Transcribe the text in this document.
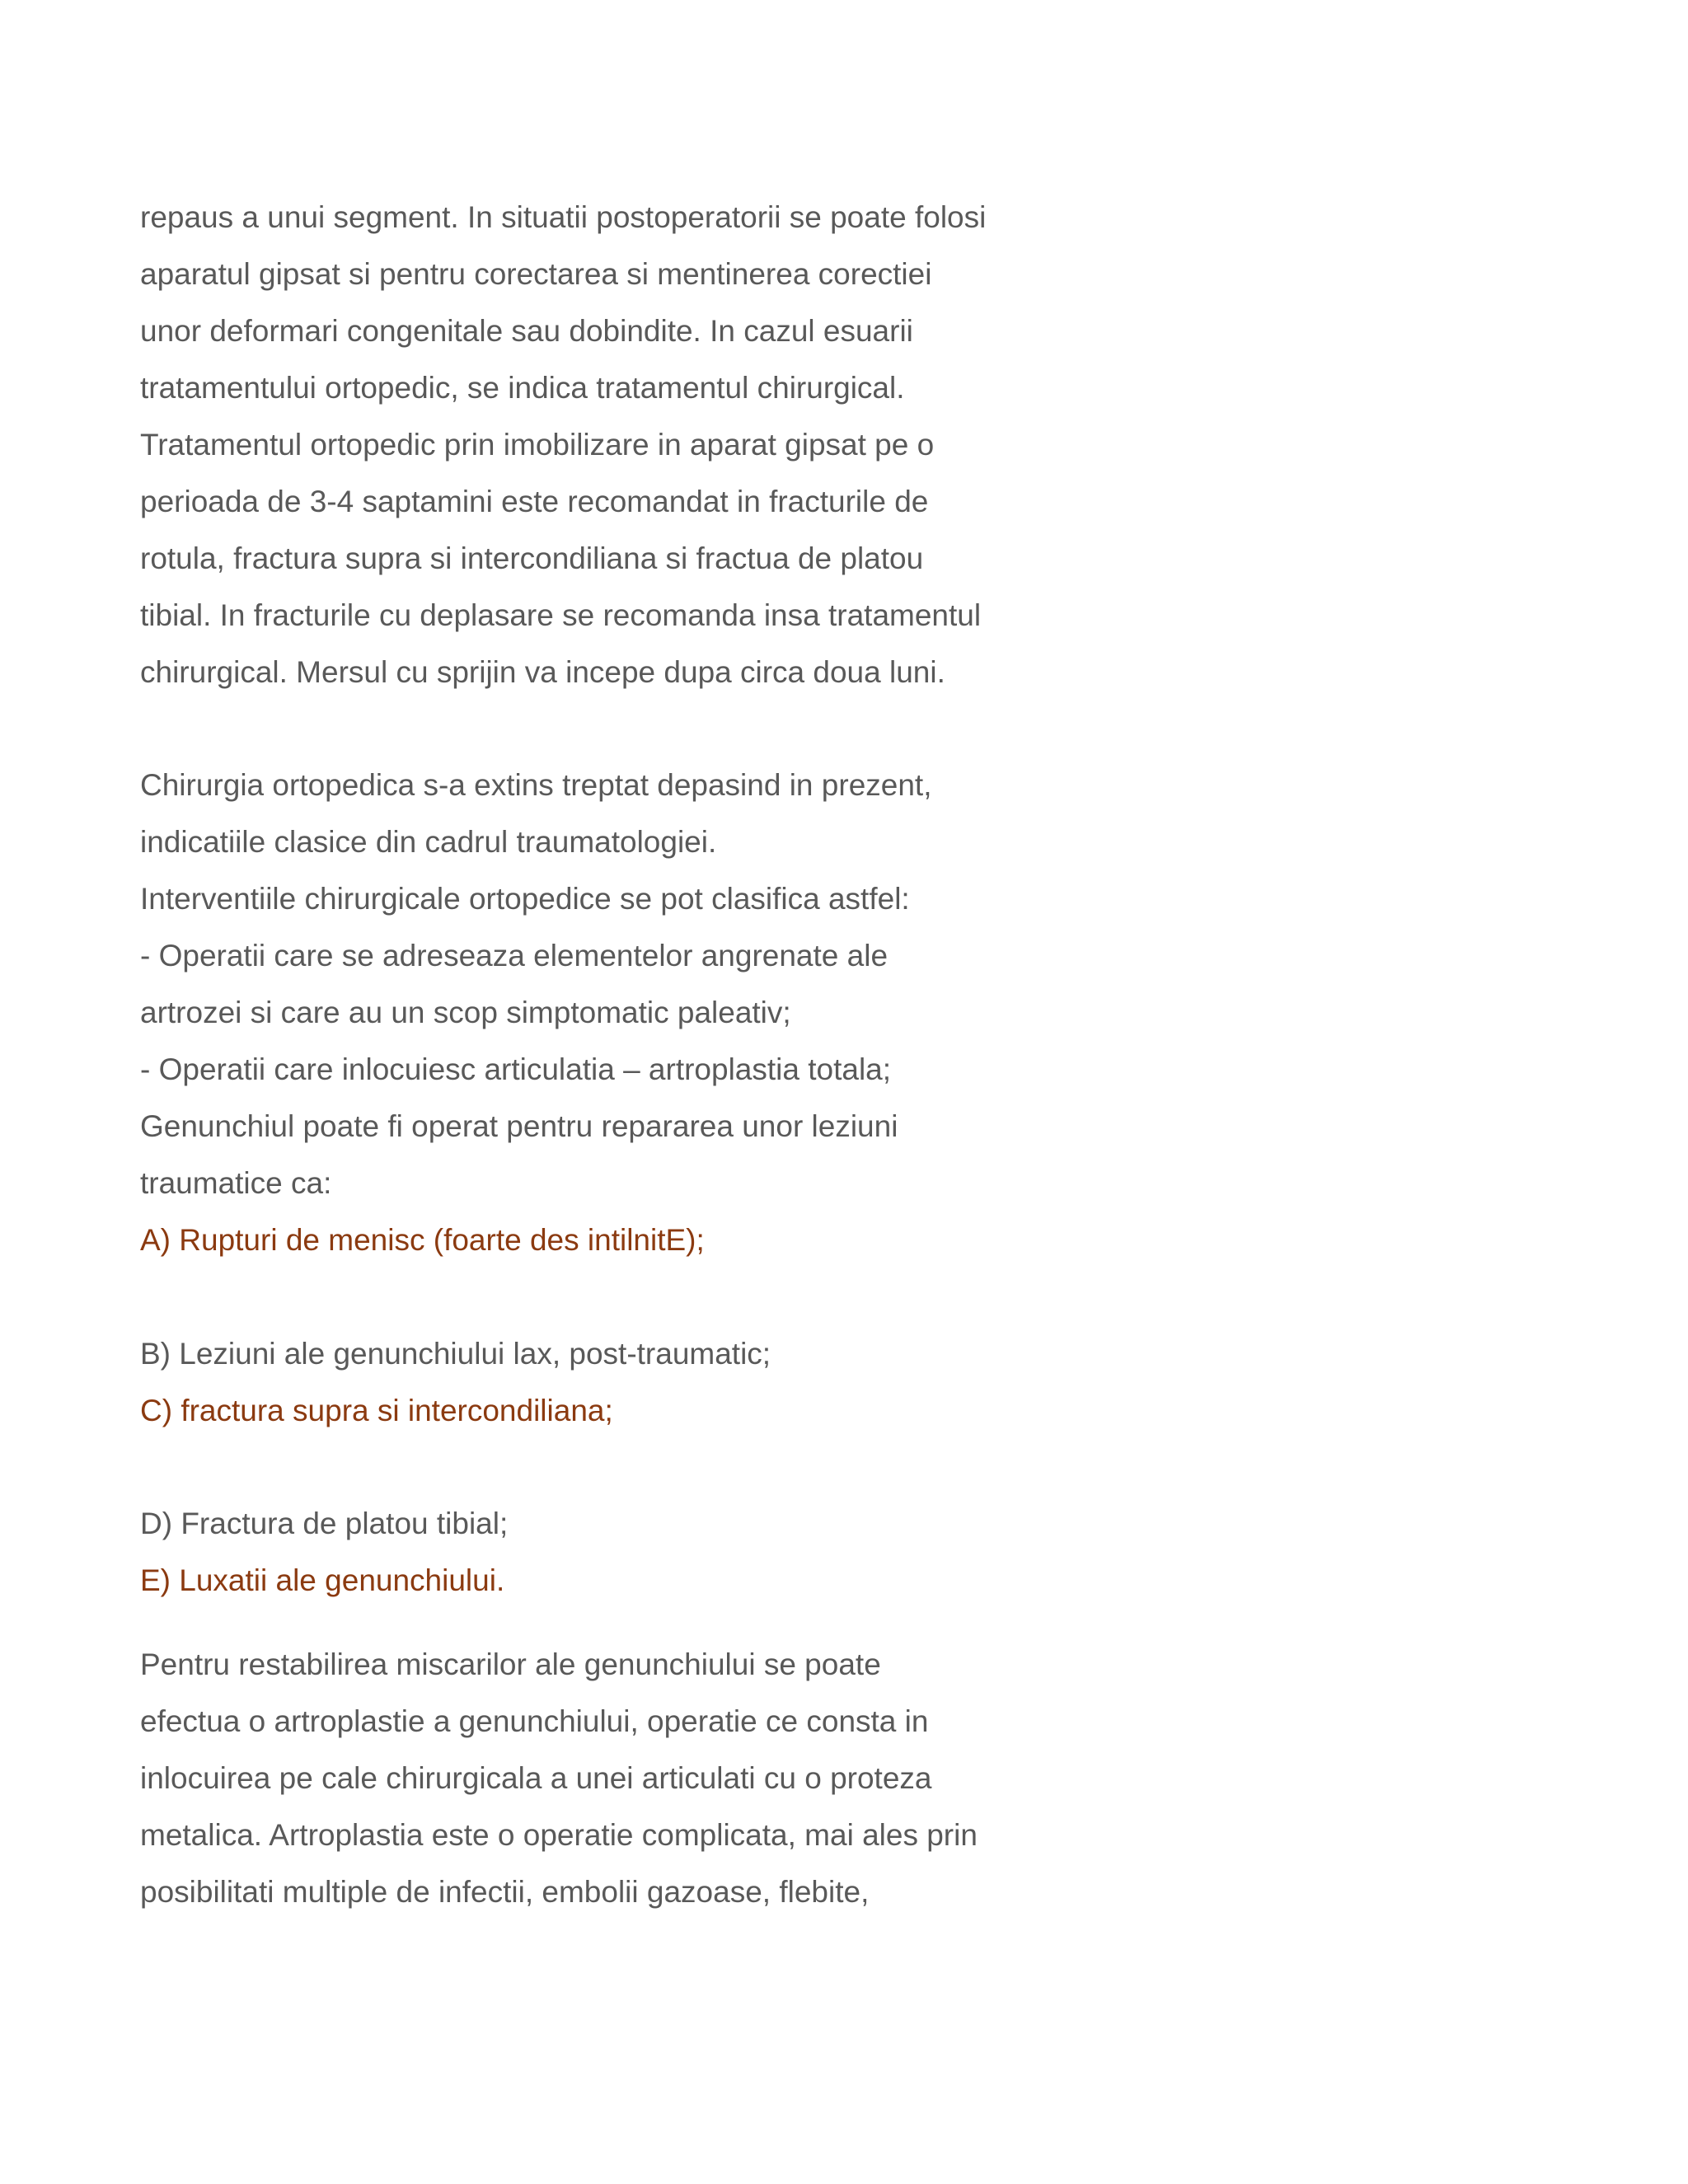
repaus a unui segment. In situatii postoperatorii se poate folosi
aparatul gipsat si pentru corectarea si mentinerea corectiei
unor deformari congenitale sau dobindite. In cazul esuarii
tratamentului ortopedic, se indica tratamentul chirurgical.
Tratamentul ortopedic prin imobilizare in aparat gipsat pe o
perioada de 3-4 saptamini este recomandat in fracturile de
rotula, fractura supra si intercondiliana si fractua de platou
tibial. In fracturile cu deplasare se recomanda insa tratamentul
chirurgical. Mersul cu sprijin va incepe dupa circa doua luni.
Chirurgia ortopedica s-a extins treptat depasind in prezent,
indicatiile clasice din cadrul traumatologiei.
Interventiile chirurgicale ortopedice se pot clasifica astfel:
- Operatii care se adreseaza elementelor angrenate ale
artrozei si care au un scop simptomatic paleativ;
- Operatii care inlocuiesc articulatia – artroplastia totala;
Genunchiul poate fi operat pentru repararea unor leziuni
traumatice ca:
A) Rupturi de menisc (foarte des intilnitE);
B) Leziuni ale genunchiului lax, post-traumatic;
C) fractura supra si intercondiliana;
D) Fractura de platou tibial;
E) Luxatii ale genunchiului.
Pentru restabilirea miscarilor ale genunchiului se poate
efectua o artroplastie a genunchiului, operatie ce consta in
inlocuirea pe cale chirurgicala a unei articulati cu o proteza
metalica. Artroplastia este o operatie complicata, mai ales prin
posibilitati multiple de infectii, embolii gazoase, flebite,
